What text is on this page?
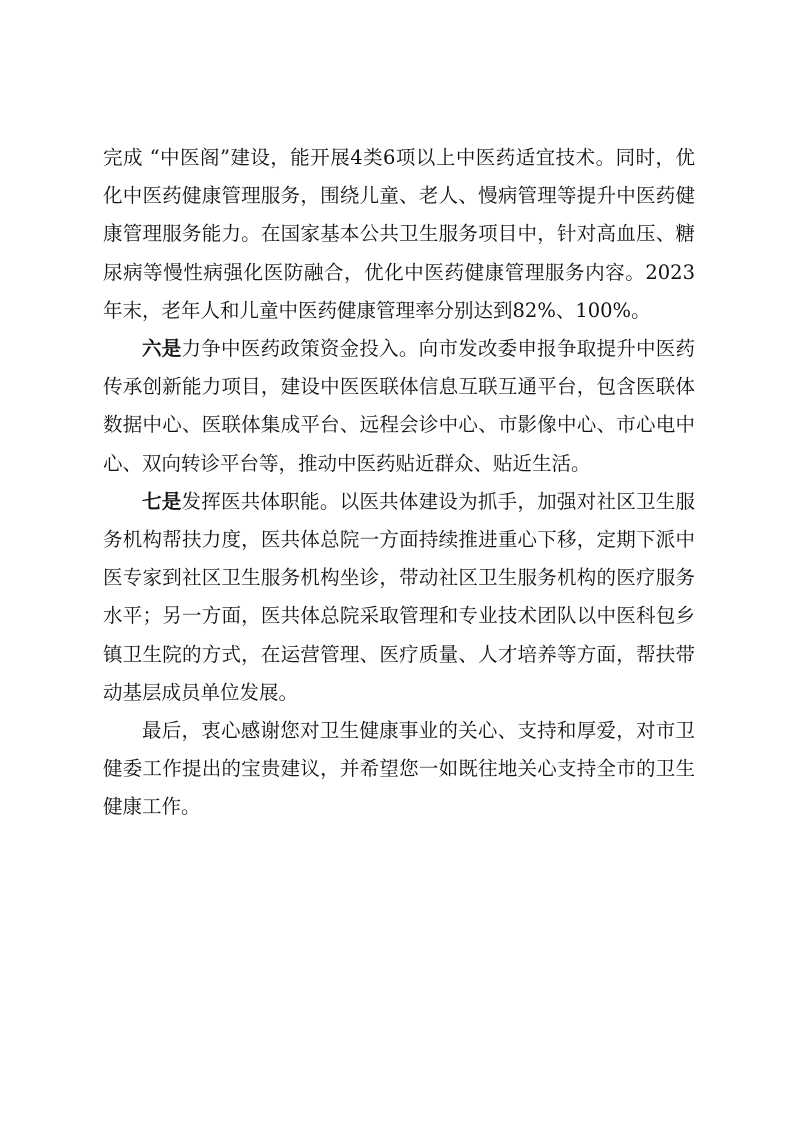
完成 “中医阁”建设，能开展4类6项以上中医药适宜技术。同时，优化中医药健康管理服务，围绕儿童、老人、慢病管理等提升中医药健康管理服务能力。在国家基本公共卫生服务项目中，针对高血压、糖尿病等慢性病强化医防融合，优化中医药健康管理服务内容。2023年末，老年人和儿童中医药健康管理率分别达到82%、100%。

六是力争中医药政策资金投入。向市发改委申报争取提升中医药传承创新能力项目，建设中医医联体信息互联互通平台，包含医联体数据中心、医联体集成平台、远程会诊中心、市影像中心、市心电中心、双向转诊平台等，推动中医药贴近群众、贴近生活。

七是发挥医共体职能。以医共体建设为抓手，加强对社区卫生服务机构帮扶力度，医共体总院一方面持续推进重心下移，定期下派中医专家到社区卫生服务机构坐诊，带动社区卫生服务机构的医疗服务水平；另一方面，医共体总院采取管理和专业技术团队以中医科包乡镇卫生院的方式，在运营管理、医疗质量、人才培养等方面，帮扶带动基层成员单位发展。

最后，衷心感谢您对卫生健康事业的关心、支持和厚爱，对市卫健委工作提出的宝贵建议，并希望您一如既往地关心支持全市的卫生健康工作。
